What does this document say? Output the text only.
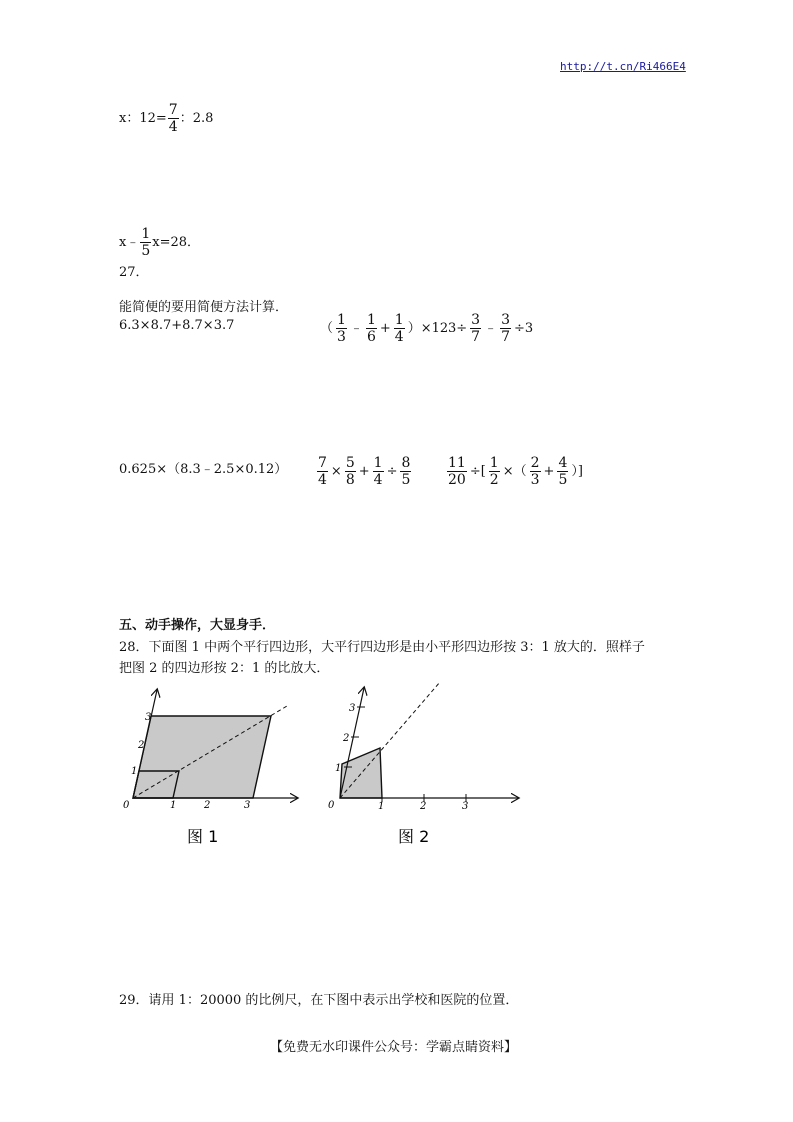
http://t.cn/Ri466E4
x：$12= \frac{7}{4}$ ：2.8
x﹣ $\frac{1}{5} x=28$．
27．
能简便的要用简便方法计算．
6.3×8.7+8.7×3.7	（ $\frac{1}{3}$ ﹣ $\frac{1}{6} + \frac{1}{4} )\times 12$ $3\div \frac{3}{7}$ ﹣ $\frac{3}{7} \div 3$
0.625×（8.3﹣2.5×0.12） $\frac{7}{4} \times \frac{5}{8} + \frac{1}{4} \div \frac{8}{5}$	$\frac{11}{20}$ ÷[ $\frac{1}{2}$ ×（ $\frac{2}{3} + \frac{4}{5}$ ）]
五、动手操作，大显身手．
28．下面图 1 中两个平行四边形，大平行四边形是由小平形四边形按 3：1 放大的．照样子
把图 2 的四边形按 2：1 的比放大．
0	1	2	3
1
2
3
图 1
0	1	2	3
1
2
3
图 2
29．请用 1：20000 的比例尺，在下图中表示出学校和医院的位置．
【免费无水印课件公众号：学霸点睛资料】
